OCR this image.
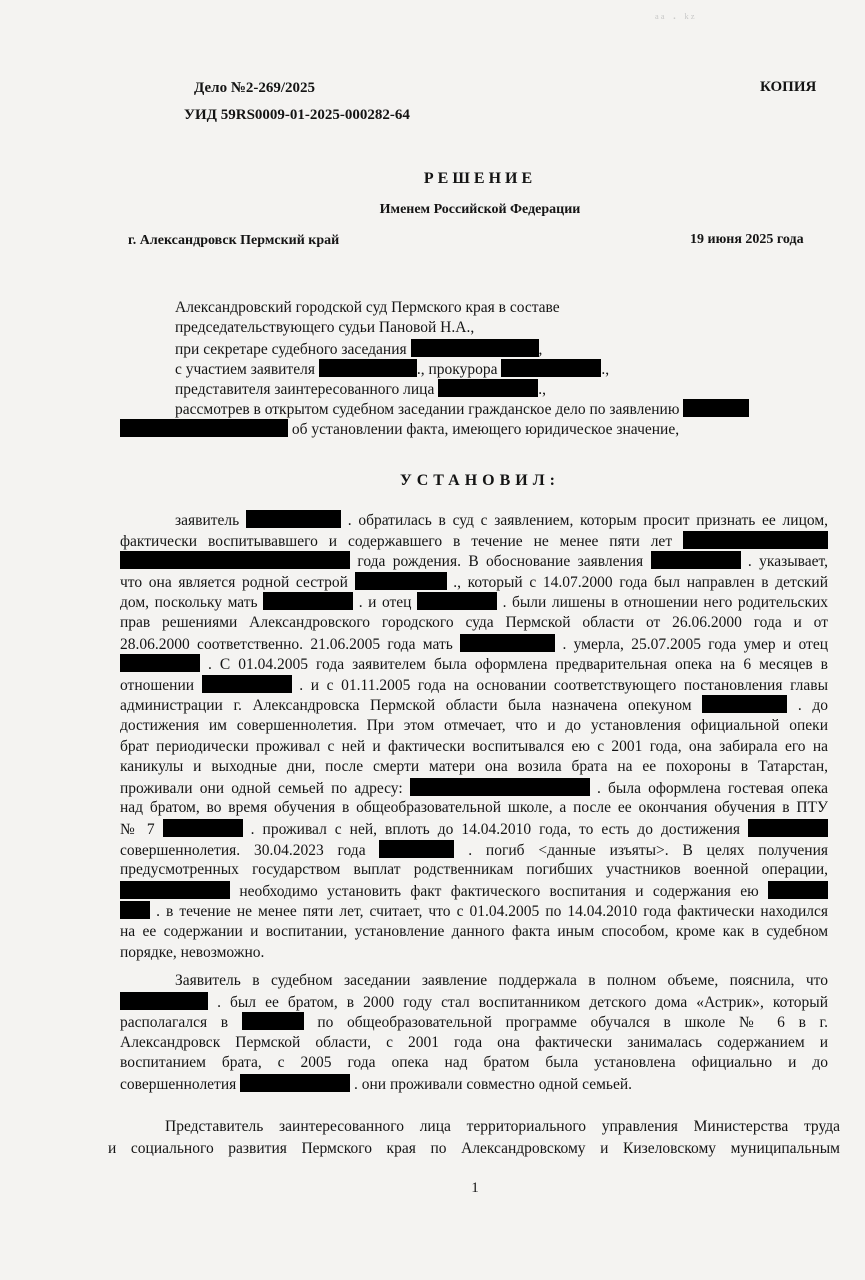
ᵃᵃ · ᵏᶻ
Дело №2-269/2025
УИД 59RS0009-01-2025-000282-64
КОПИЯ
РЕШЕНИЕ
Именем Российской Федерации
г. Александровск Пермский край	19 июня 2025 года
Александровский городской суд Пермского края в составе
председательствующего судьи Пановой Н.А.,
при секретаре судебного заседания	,
с участием заявителя	., прокурора	.,
представителя заинтересованного лица	.,
рассмотрев в открытом судебном заседании гражданское дело по заявлению
об установлении факта, имеющего юридическое значение,
УСТАНОВИЛ:
заявитель	. обратилась в суд с заявлением, которым просит признать ее лицом,
фактически воспитывавшего и содержавшего в течение не менее пяти лет
года рождения. В обоснование заявления	. указывает,
что она является родной сестрой	., который с 14.07.2000 года был направлен в детский
дом, поскольку мать	. и отец	. были лишены в отношении него родительских
прав решениями Александровского городского суда Пермской области от 26.06.2000 года и от
28.06.2000 соответственно. 21.06.2005 года мать	. умерла, 25.07.2005 года умер и отец
. С 01.04.2005 года заявителем была оформлена предварительная опека на 6 месяцев в
отношении	. и с 01.11.2005 года на основании соответствующего постановления главы
администрации г. Александровска Пермской области была назначена опекуном	. до
достижения им совершеннолетия. При этом отмечает, что и до установления официальной опеки
брат периодически проживал с ней и фактически воспитывался ею с 2001 года, она забирала его на
каникулы и выходные дни, после смерти матери она возила брата на ее похороны в Татарстан,
проживали они одной семьей по адресу:	. была оформлена гостевая опека
над братом, во время обучения в общеобразовательной школе, а после ее окончания обучения в ПТУ
№ 7	. проживал с ней, вплоть до 14.04.2010 года, то есть до достижения
совершеннолетия. 30.04.2023 года	. погиб <данные изъяты>. В целях получения
предусмотренных государством выплат родственникам погибших участников военной операции,
необходимо установить факт фактического воспитания и содержания ею
. в течение не менее пяти лет, считает, что с 01.04.2005 по 14.04.2010 года фактически находился
на ее содержании и воспитании, установление данного факта иным способом, кроме как в судебном
порядке, невозможно.
Заявитель в судебном заседании заявление поддержала в полном объеме, пояснила, что
. был ее братом, в 2000 году стал воспитанником детского дома «Астрик», который
располагался в	по общеобразовательной программе обучался в школе № 6 в г.
Александровск Пермской области, с 2001 года она фактически занималась содержанием и
воспитанием брата, с 2005 года опека над братом была установлена официально и до
совершеннолетия	. они проживали совместно одной семьей.
Представитель заинтересованного лица территориального управления Министерства труда
и социального развития Пермского края по Александровскому и Кизеловскому муниципальным
1
